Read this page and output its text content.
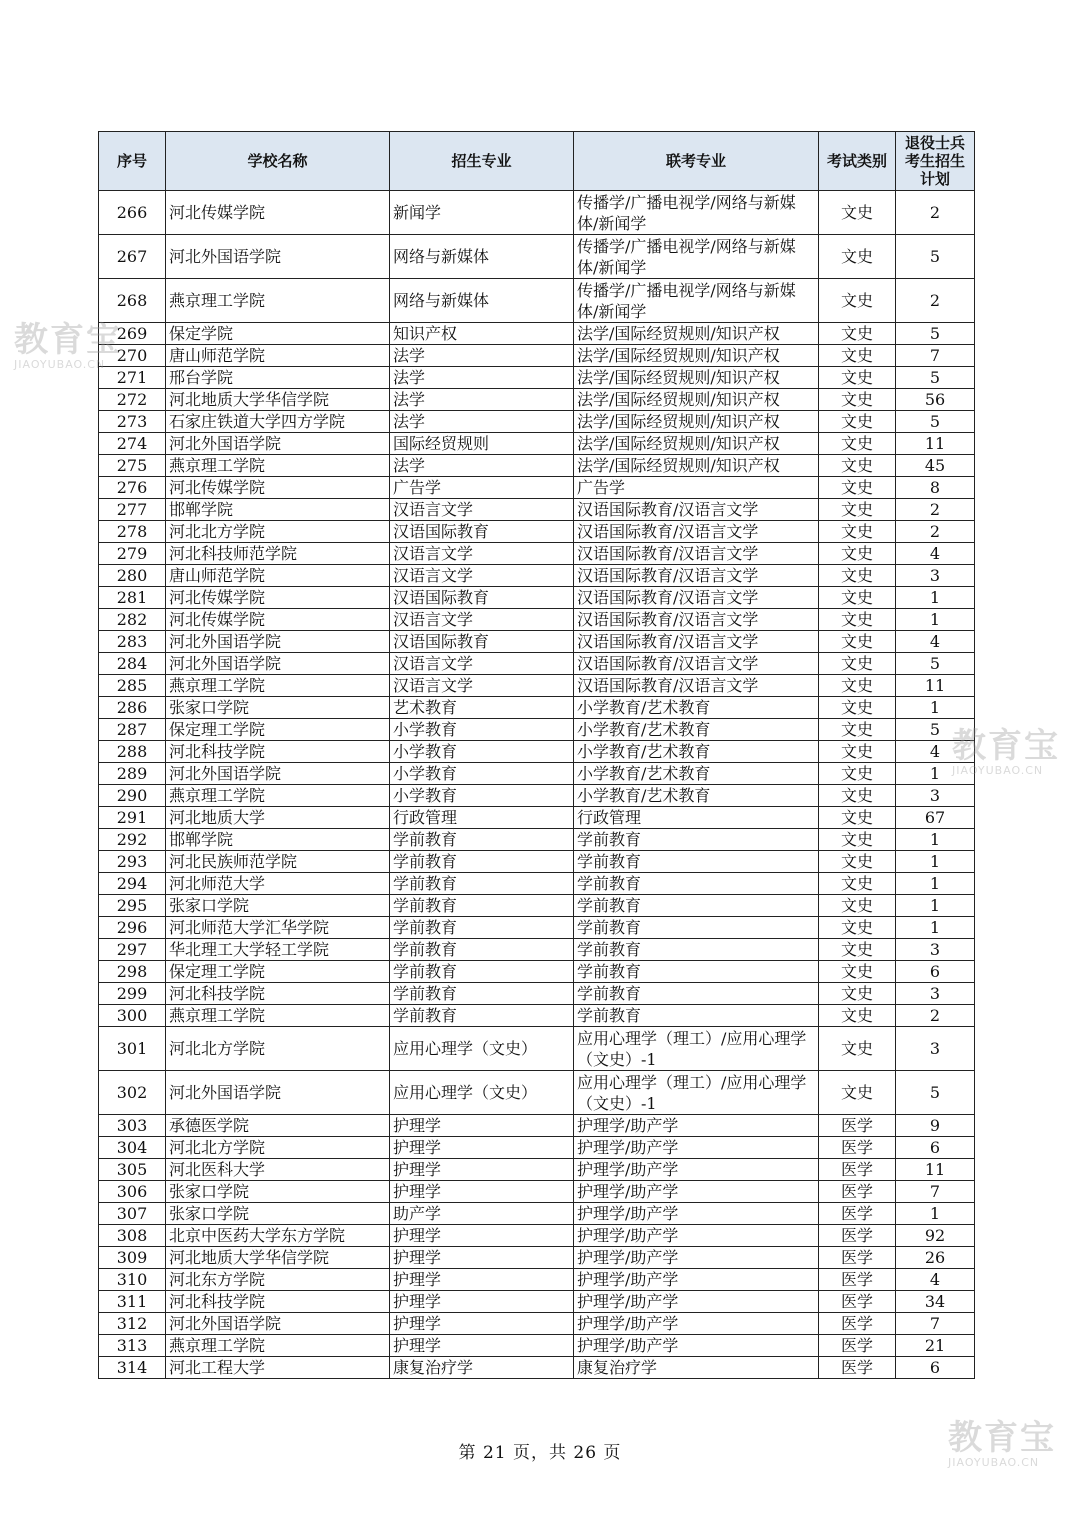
序号	学校名称	招生专业	联考专业	考试类别	退役士兵考生招生计划
266	河北传媒学院	新闻学	传播学/广播电视学/网络与新媒体/新闻学	文史	2
267	河北外国语学院	网络与新媒体	传播学/广播电视学/网络与新媒体/新闻学	文史	5
268	燕京理工学院	网络与新媒体	传播学/广播电视学/网络与新媒体/新闻学	文史	2
269	保定学院	知识产权	法学/国际经贸规则/知识产权	文史	5
270	唐山师范学院	法学	法学/国际经贸规则/知识产权	文史	7
271	邢台学院	法学	法学/国际经贸规则/知识产权	文史	5
272	河北地质大学华信学院	法学	法学/国际经贸规则/知识产权	文史	56
273	石家庄铁道大学四方学院	法学	法学/国际经贸规则/知识产权	文史	5
274	河北外国语学院	国际经贸规则	法学/国际经贸规则/知识产权	文史	11
275	燕京理工学院	法学	法学/国际经贸规则/知识产权	文史	45
276	河北传媒学院	广告学	广告学	文史	8
277	邯郸学院	汉语言文学	汉语国际教育/汉语言文学	文史	2
278	河北北方学院	汉语国际教育	汉语国际教育/汉语言文学	文史	2
279	河北科技师范学院	汉语言文学	汉语国际教育/汉语言文学	文史	4
280	唐山师范学院	汉语言文学	汉语国际教育/汉语言文学	文史	3
281	河北传媒学院	汉语国际教育	汉语国际教育/汉语言文学	文史	1
282	河北传媒学院	汉语言文学	汉语国际教育/汉语言文学	文史	1
283	河北外国语学院	汉语国际教育	汉语国际教育/汉语言文学	文史	4
284	河北外国语学院	汉语言文学	汉语国际教育/汉语言文学	文史	5
285	燕京理工学院	汉语言文学	汉语国际教育/汉语言文学	文史	11
286	张家口学院	艺术教育	小学教育/艺术教育	文史	1
287	保定理工学院	小学教育	小学教育/艺术教育	文史	5
288	河北科技学院	小学教育	小学教育/艺术教育	文史	4
289	河北外国语学院	小学教育	小学教育/艺术教育	文史	1
290	燕京理工学院	小学教育	小学教育/艺术教育	文史	3
291	河北地质大学	行政管理	行政管理	文史	67
292	邯郸学院	学前教育	学前教育	文史	1
293	河北民族师范学院	学前教育	学前教育	文史	1
294	河北师范大学	学前教育	学前教育	文史	1
295	张家口学院	学前教育	学前教育	文史	1
296	河北师范大学汇华学院	学前教育	学前教育	文史	1
297	华北理工大学轻工学院	学前教育	学前教育	文史	3
298	保定理工学院	学前教育	学前教育	文史	6
299	河北科技学院	学前教育	学前教育	文史	3
300	燕京理工学院	学前教育	学前教育	文史	2
301	河北北方学院	应用心理学（文史）	应用心理学（理工）/应用心理学（文史）-1	文史	3
302	河北外国语学院	应用心理学（文史）	应用心理学（理工）/应用心理学（文史）-1	文史	5
303	承德医学院	护理学	护理学/助产学	医学	9
304	河北北方学院	护理学	护理学/助产学	医学	6
305	河北医科大学	护理学	护理学/助产学	医学	11
306	张家口学院	护理学	护理学/助产学	医学	7
307	张家口学院	助产学	护理学/助产学	医学	1
308	北京中医药大学东方学院	护理学	护理学/助产学	医学	92
309	河北地质大学华信学院	护理学	护理学/助产学	医学	26
310	河北东方学院	护理学	护理学/助产学	医学	4
311	河北科技学院	护理学	护理学/助产学	医学	34
312	河北外国语学院	护理学	护理学/助产学	医学	7
313	燕京理工学院	护理学	护理学/助产学	医学	21
314	河北工程大学	康复治疗学	康复治疗学	医学	6
第 21 页，共 26 页
教育宝
JIAOYUBAO.CN
教育宝
JIAOYUBAO.CN
教育宝
JIAOYUBAO.CN
